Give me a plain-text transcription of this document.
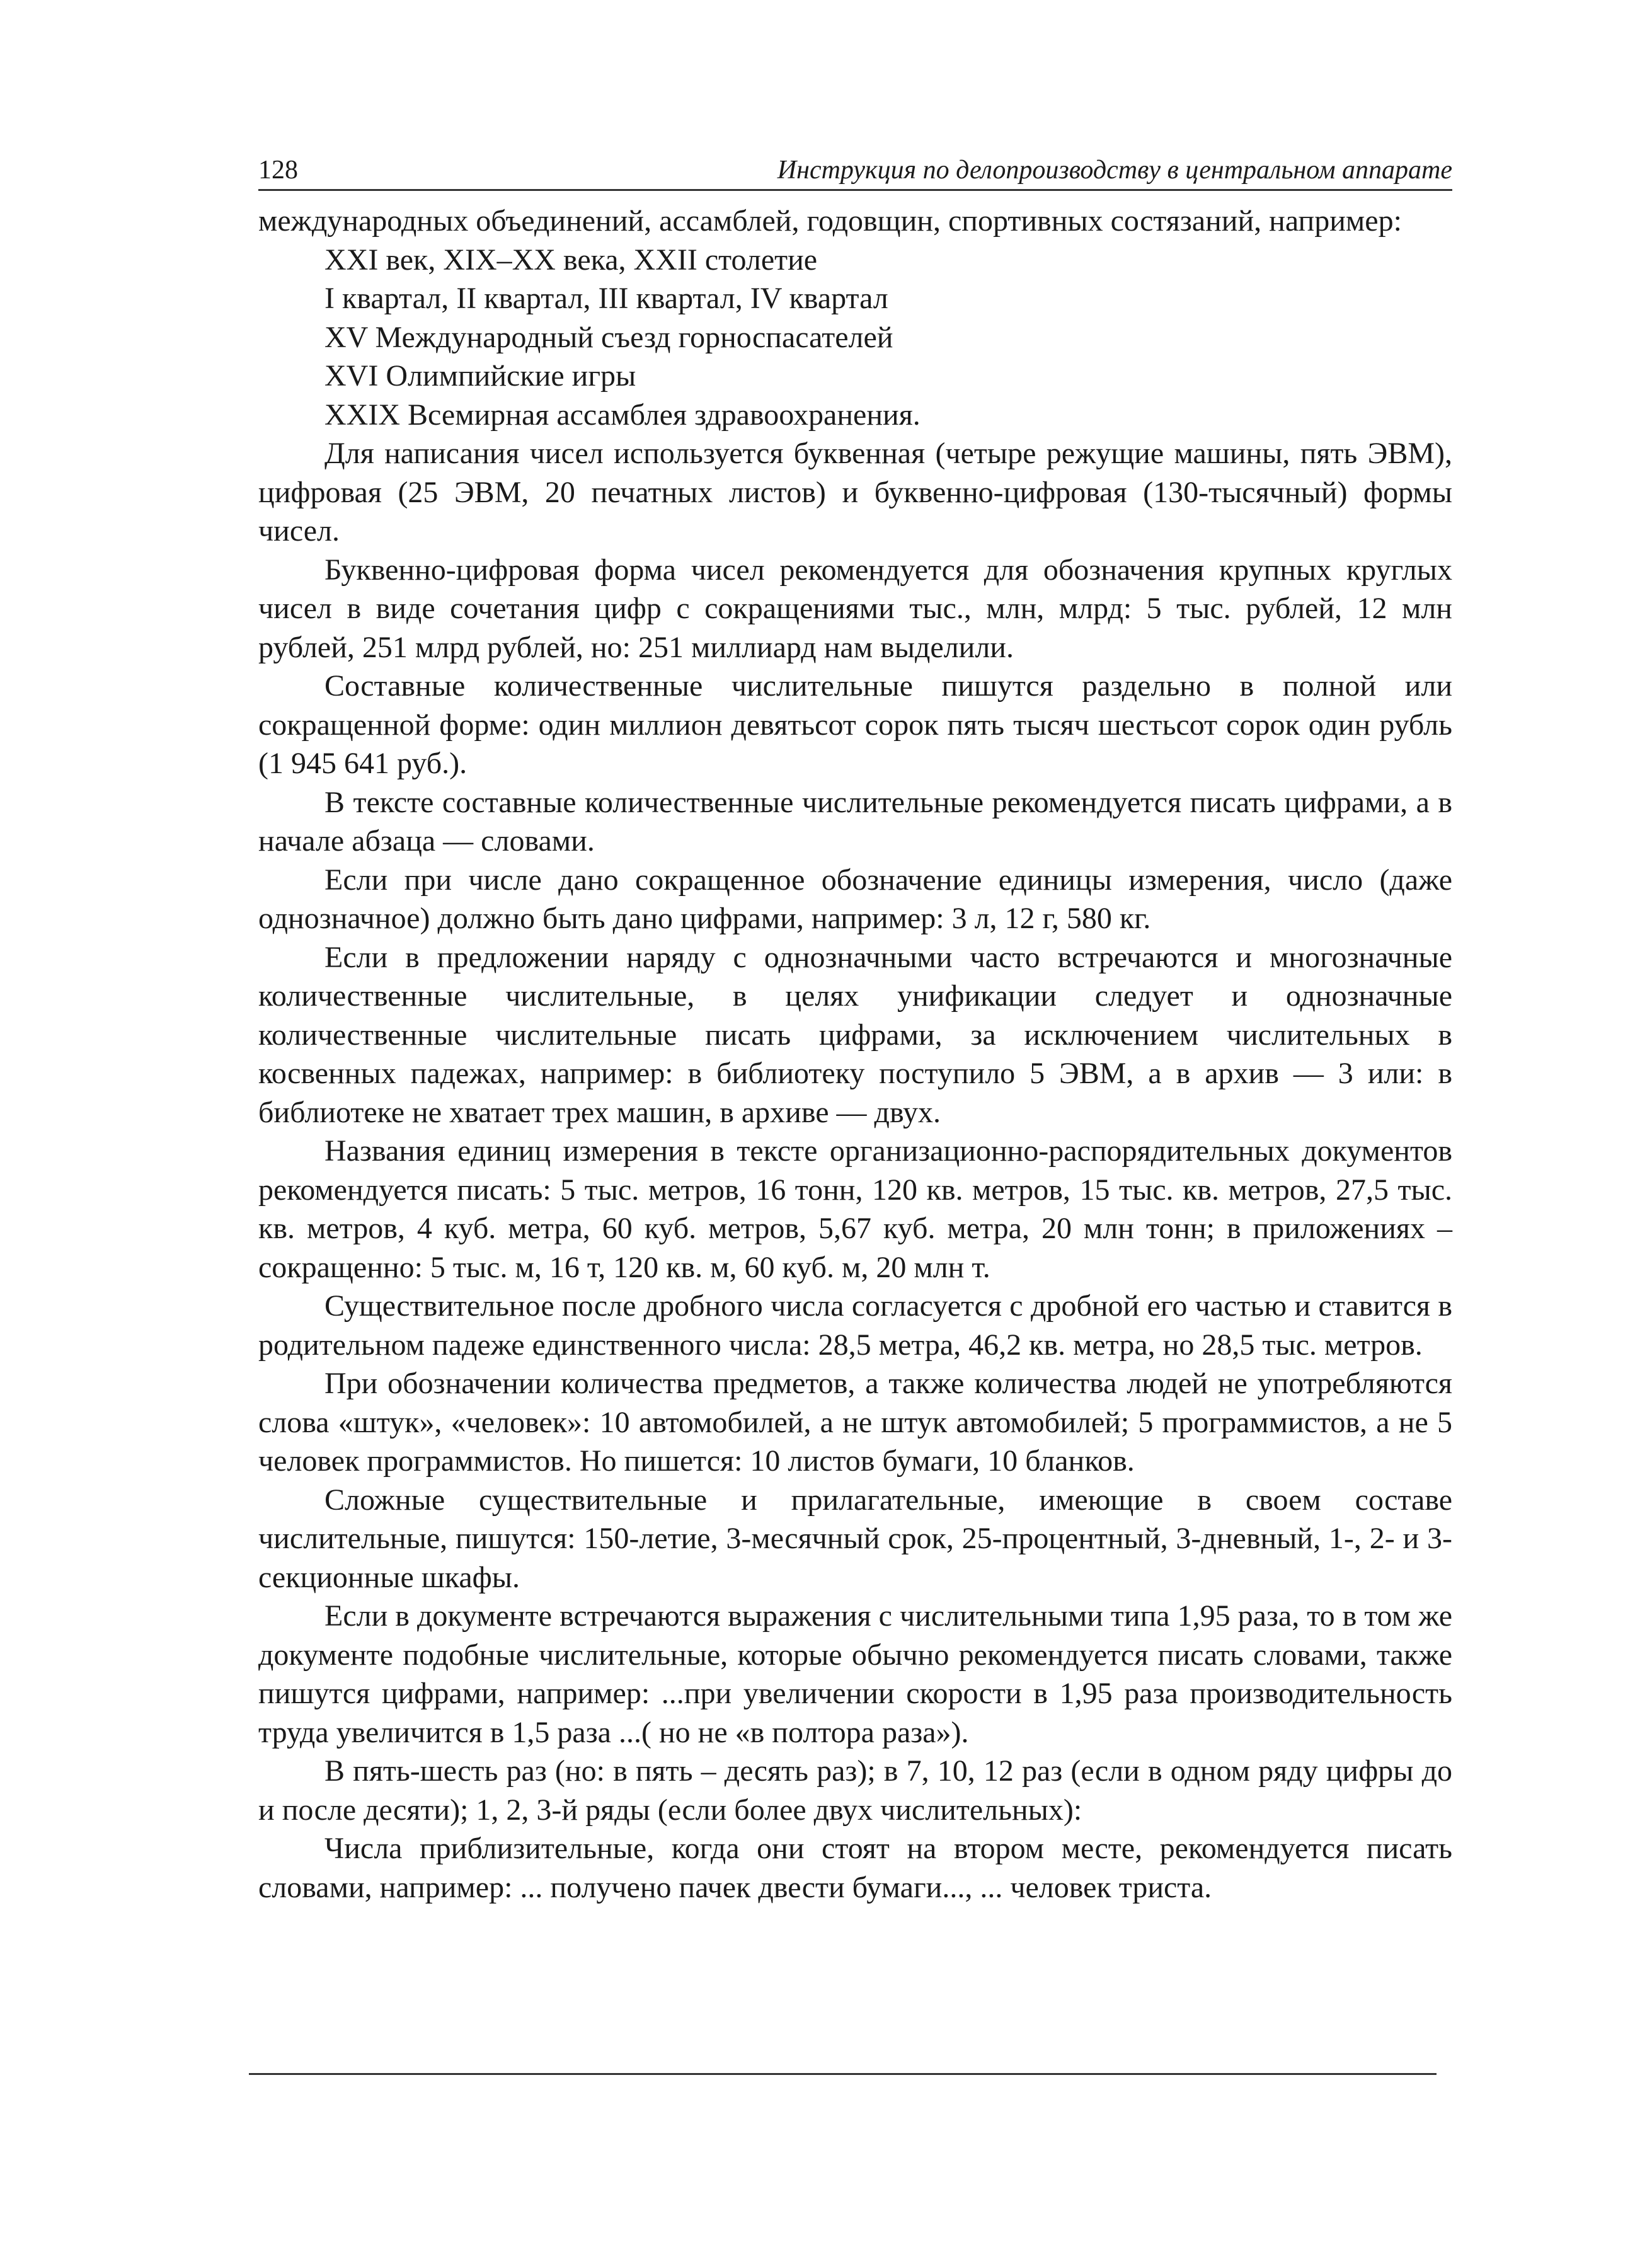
128	Инструкция по делопроизводству в центральном аппарате

международных объединений, ассамблей, годовщин, спортивных состязаний, например:

XXI век, XIX–XX века, XXII столетие
I квартал, II квартал, III квартал, IV квартал
XV Международный съезд горноспасателей
XVI Олимпийские игры
XXIX Всемирная ассамблея здравоохранения.

Для написания чисел используется буквенная (четыре режущие машины, пять ЭВМ), цифровая (25 ЭВМ, 20 печатных листов) и буквенно-цифровая (130-тысячный) формы чисел.

Буквенно-цифровая форма чисел рекомендуется для обозначения крупных круглых чисел в виде сочетания цифр с сокращениями тыс., млн, млрд: 5 тыс. рублей, 12 млн рублей, 251 млрд рублей, но: 251 миллиард нам выделили.

Составные количественные числительные пишутся раздельно в полной или сокращенной форме: один миллион девятьсот сорок пять тысяч шестьсот сорок один рубль (1 945 641 руб.).

В тексте составные количественные числительные рекомендуется писать цифрами, а в начале абзаца — словами.

Если при числе дано сокращенное обозначение единицы измерения, число (даже однозначное) должно быть дано цифрами, например: 3 л, 12 г, 580 кг.

Если в предложении наряду с однозначными часто встречаются и многозначные количественные числительные, в целях унификации следует и однозначные количественные числительные писать цифрами, за исключением числительных в косвенных падежах, например: в библиотеку поступило 5 ЭВМ, а в архив — 3 или: в библиотеке не хватает трех машин, в архиве — двух.

Названия единиц измерения в тексте организационно-распорядительных документов рекомендуется писать: 5 тыс. метров, 16 тонн, 120 кв. метров, 15 тыс. кв. метров, 27,5 тыс. кв. метров, 4 куб. метра, 60 куб. метров, 5,67 куб. метра, 20 млн тонн; в приложениях – сокращенно: 5 тыс. м, 16 т, 120 кв. м, 60 куб. м, 20 млн т.

Существительное после дробного числа согласуется с дробной его частью и ставится в родительном падеже единственного числа: 28,5 метра, 46,2 кв. метра, но 28,5 тыс. метров.

При обозначении количества предметов, а также количества людей не употребляются слова «штук», «человек»: 10 автомобилей, а не штук автомобилей; 5 программистов, а не 5 человек программистов. Но пишется: 10 листов бумаги, 10 бланков.

Сложные существительные и прилагательные, имеющие в своем составе числительные, пишутся: 150-летие, 3-месячный срок, 25-процентный, 3-дневный, 1-, 2- и 3-секционные шкафы.

Если в документе встречаются выражения с числительными типа 1,95 раза, то в том же документе подобные числительные, которые обычно рекомендуется писать словами, также пишутся цифрами, например: ...при увеличении скорости в 1,95 раза производительность труда увеличится в 1,5 раза ...( но не «в полтора раза»).

В пять-шесть раз (но: в пять – десять раз); в 7, 10, 12 раз (если в одном ряду цифры до и после десяти); 1, 2, 3-й ряды (если более двух числительных):

Числа приблизительные, когда они стоят на втором месте, рекомендуется писать словами, например: ... получено пачек двести бумаги..., ... человек триста.
